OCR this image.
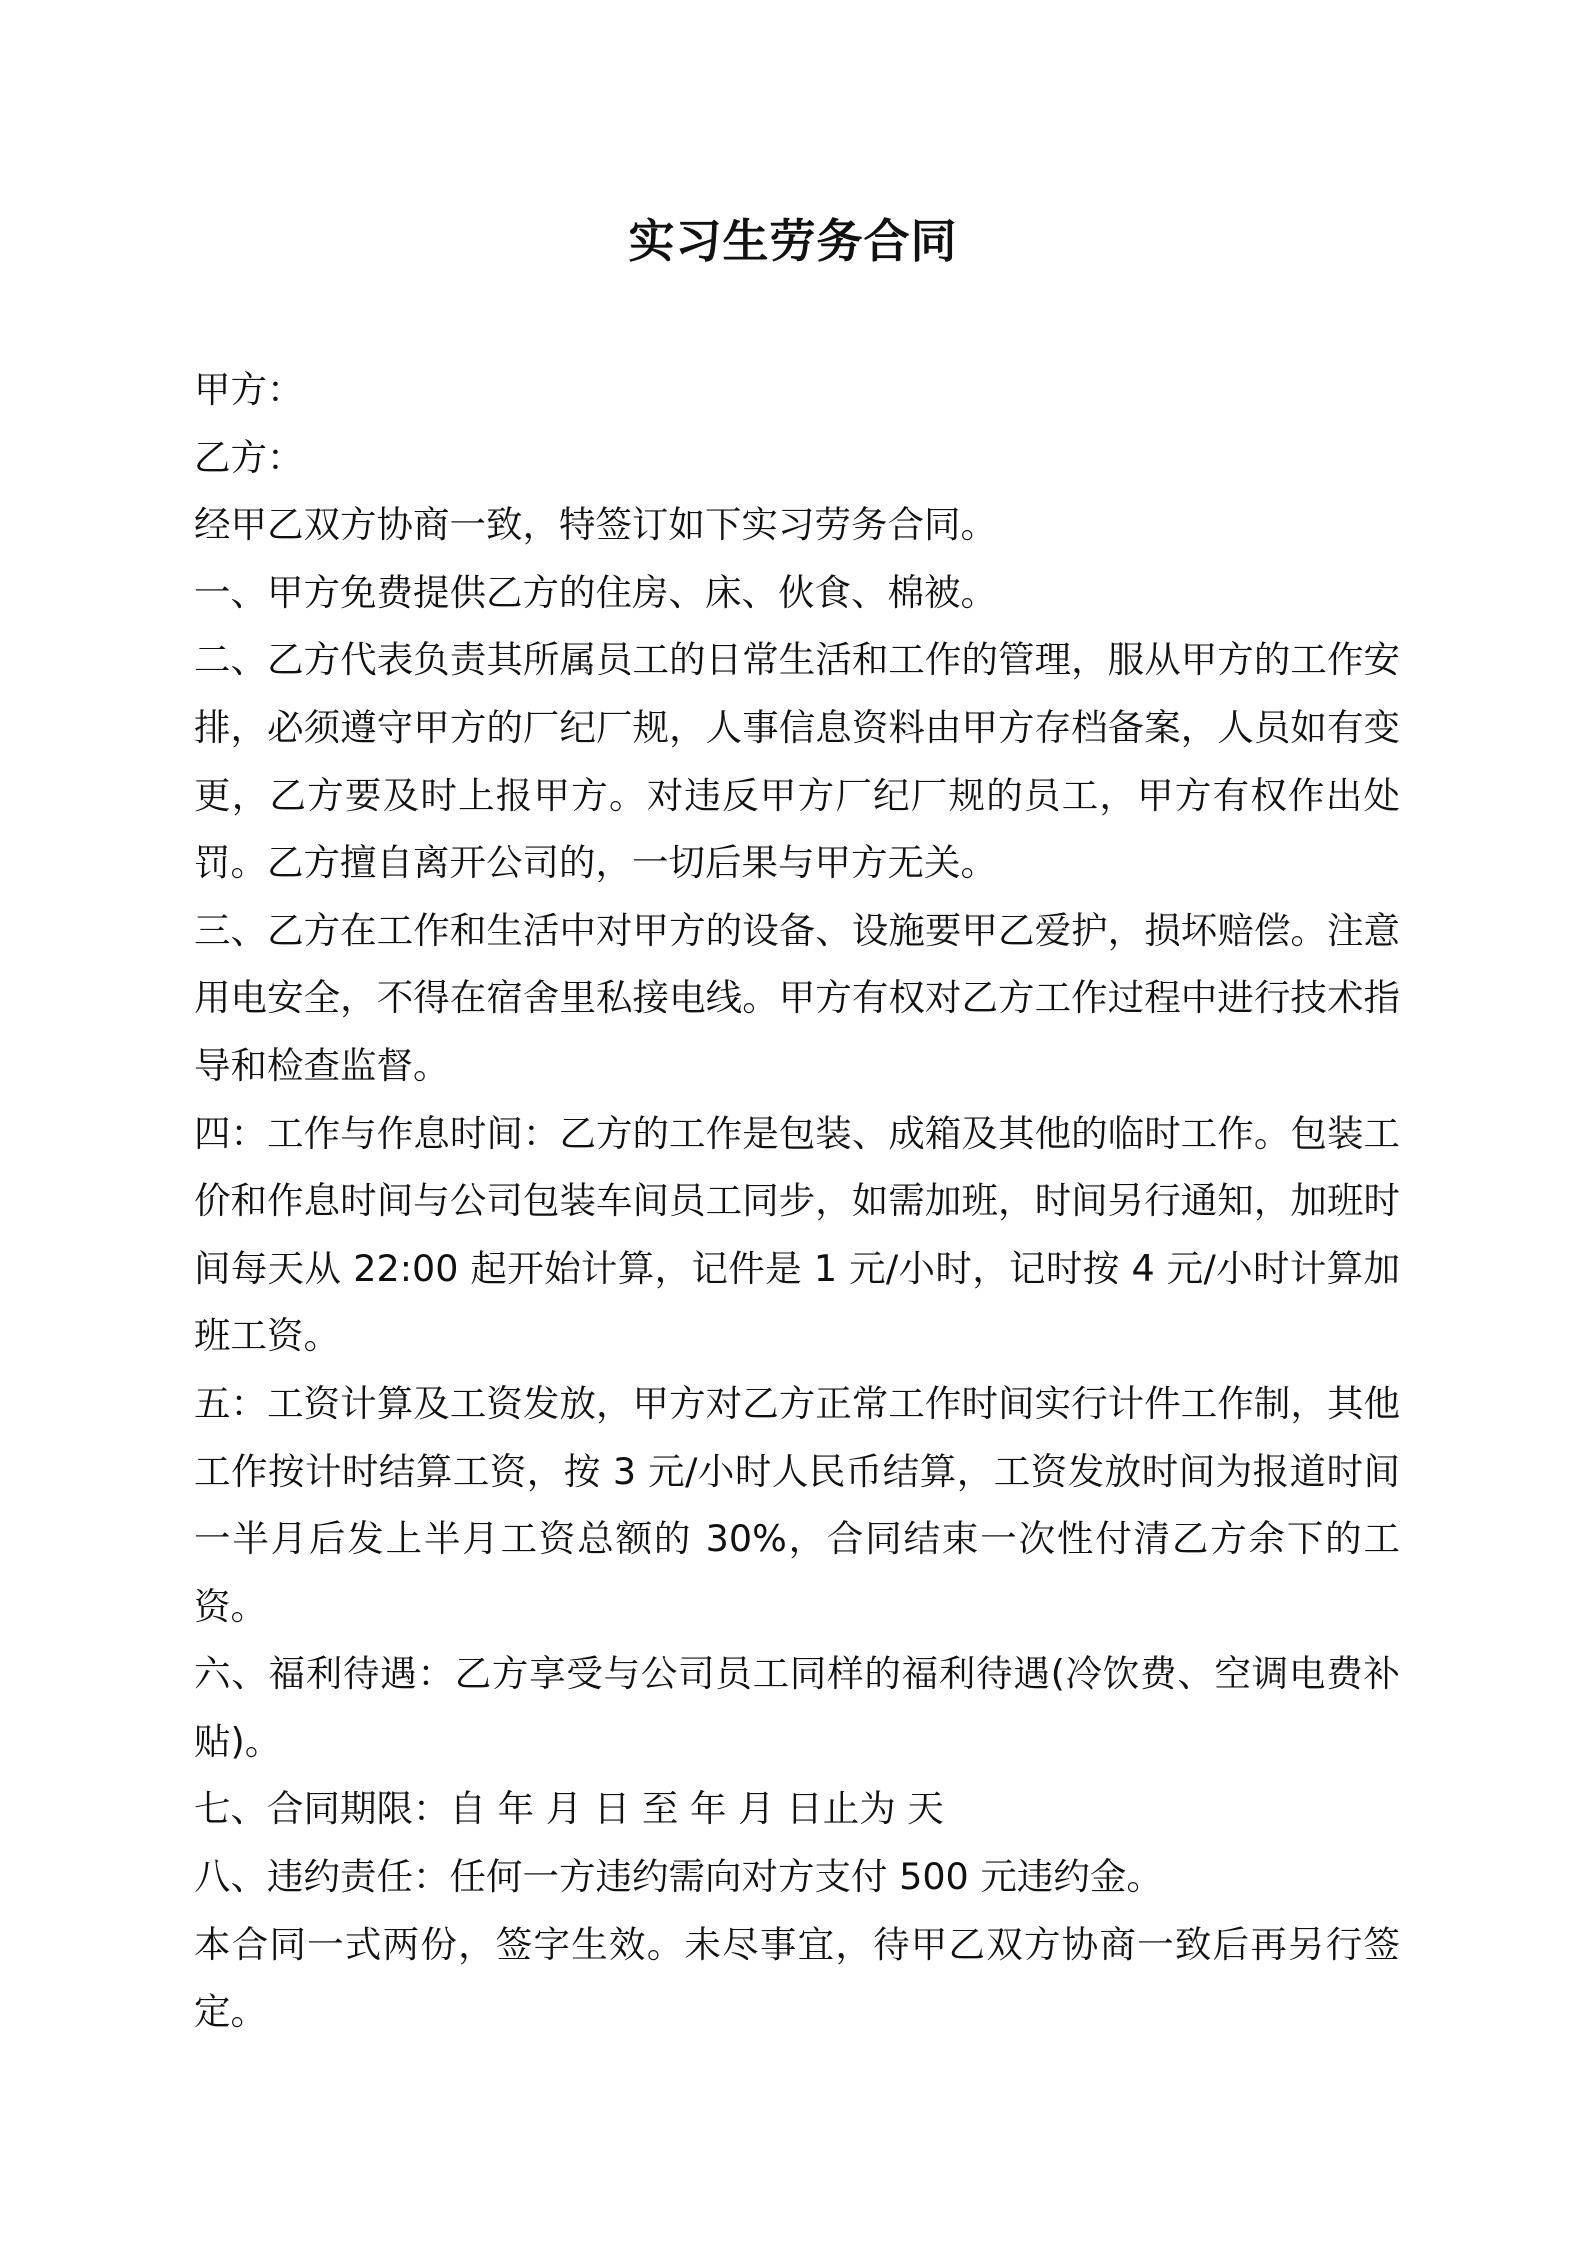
实习生劳务合同

甲方：

乙方：

经甲乙双方协商一致，特签订如下实习劳务合同。

一、甲方免费提供乙方的住房、床、伙食、棉被。

二、乙方代表负责其所属员工的日常生活和工作的管理，服从甲方的工作安排，必须遵守甲方的厂纪厂规，人事信息资料由甲方存档备案，人员如有变更，乙方要及时上报甲方。对违反甲方厂纪厂规的员工，甲方有权作出处罚。乙方擅自离开公司的，一切后果与甲方无关。

三、乙方在工作和生活中对甲方的设备、设施要甲乙爱护，损坏赔偿。注意用电安全，不得在宿舍里私接电线。甲方有权对乙方工作过程中进行技术指导和检查监督。

四：工作与作息时间：乙方的工作是包装、成箱及其他的临时工作。包装工价和作息时间与公司包装车间员工同步，如需加班，时间另行通知，加班时间每天从 22:00 起开始计算，记件是 1 元/小时，记时按 4 元/小时计算加班工资。

五：工资计算及工资发放，甲方对乙方正常工作时间实行计件工作制，其他工作按计时结算工资，按 3 元/小时人民币结算，工资发放时间为报道时间一半月后发上半月工资总额的 30%，合同结束一次性付清乙方余下的工资。

六、福利待遇：乙方享受与公司员工同样的福利待遇(冷饮费、空调电费补贴)。

七、合同期限：自 年 月 日 至 年 月 日止为 天

八、违约责任：任何一方违约需向对方支付 500 元违约金。

本合同一式两份，签字生效。未尽事宜，待甲乙双方协商一致后再另行签定。
